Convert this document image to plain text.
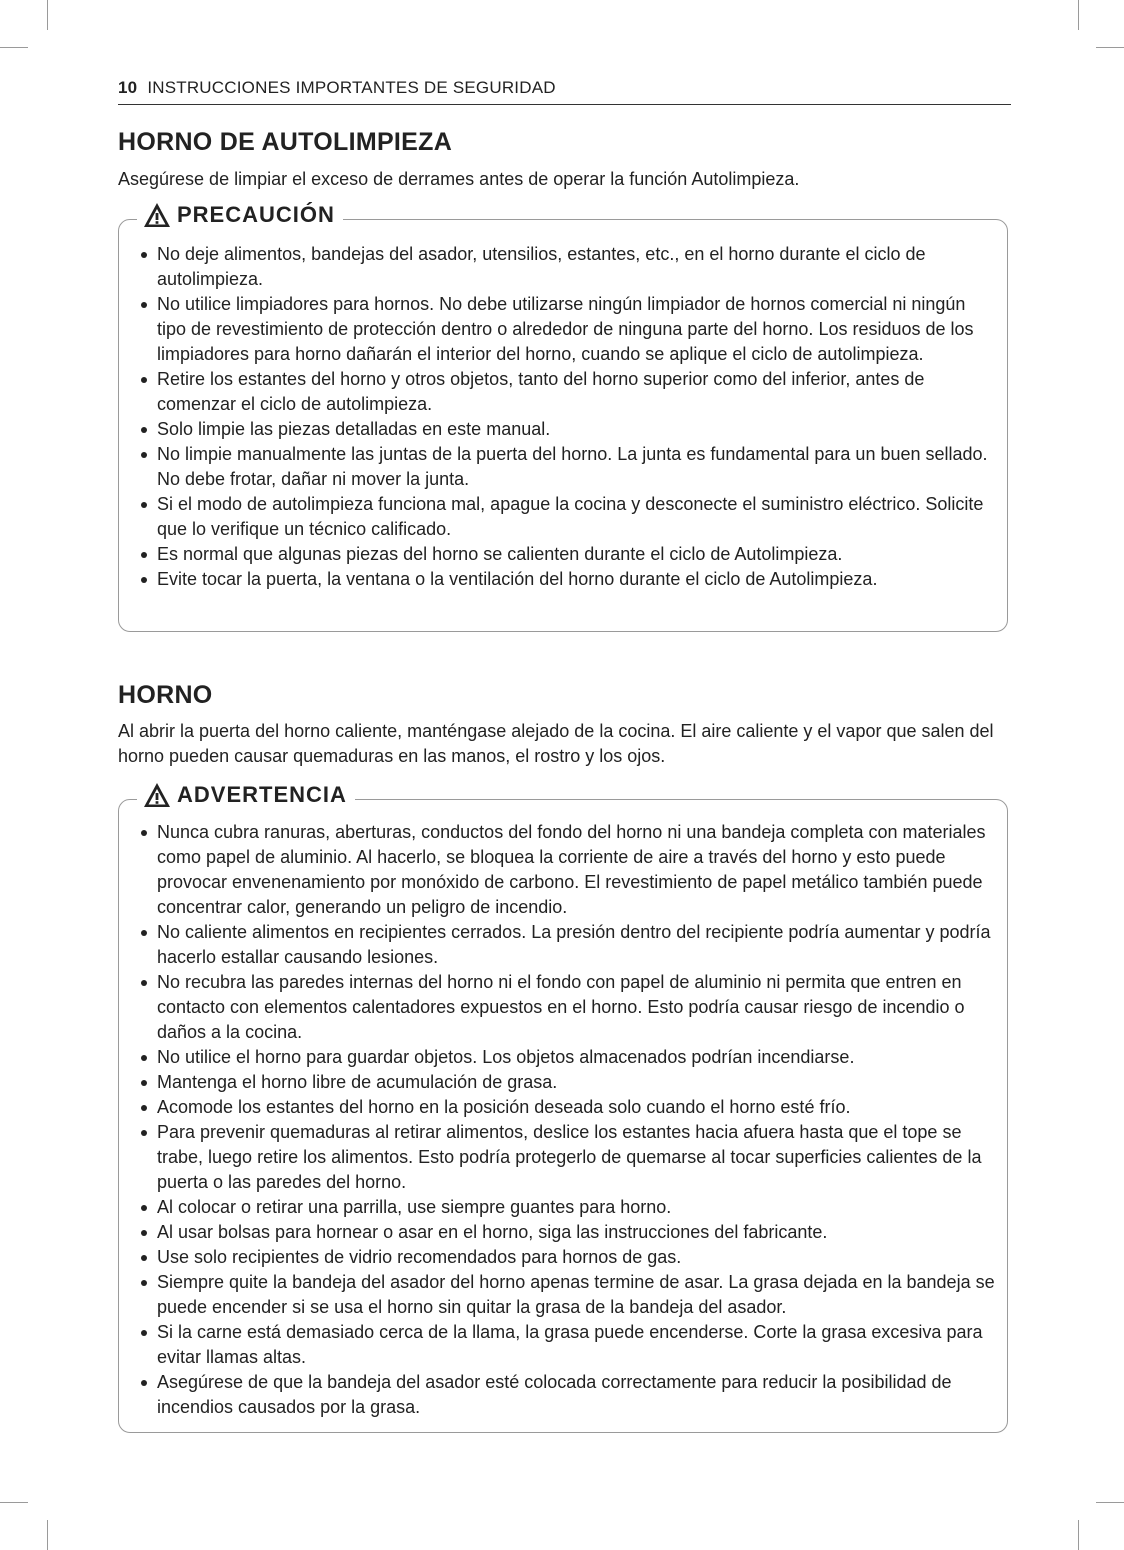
10 INSTRUCCIONES IMPORTANTES DE SEGURIDAD
HORNO DE AUTOLIMPIEZA

Asegúrese de limpiar el exceso de derrames antes de operar la función Autolimpieza.

PRECAUCIÓN
No deje alimentos, bandejas del asador, utensilios, estantes, etc., en el horno durante el ciclo de autolimpieza.
No utilice limpiadores para hornos. No debe utilizarse ningún limpiador de hornos comercial ni ningún tipo de revestimiento de protección dentro o alrededor de ninguna parte del horno. Los residuos de los limpiadores para horno dañarán el interior del horno, cuando se aplique el ciclo de autolimpieza.
Retire los estantes del horno y otros objetos, tanto del horno superior como del inferior, antes de comenzar el ciclo de autolimpieza.
Solo limpie las piezas detalladas en este manual.
No limpie manualmente las juntas de la puerta del horno. La junta es fundamental para un buen sellado. No debe frotar, dañar ni mover la junta.
Si el modo de autolimpieza funciona mal, apague la cocina y desconecte el suministro eléctrico. Solicite que lo verifique un técnico calificado.
Es normal que algunas piezas del horno se calienten durante el ciclo de Autolimpieza.
Evite tocar la puerta, la ventana o la ventilación del horno durante el ciclo de Autolimpieza.
HORNO

Al abrir la puerta del horno caliente, manténgase alejado de la cocina. El aire caliente y el vapor que salen del horno pueden causar quemaduras en las manos, el rostro y los ojos.

ADVERTENCIA
Nunca cubra ranuras, aberturas, conductos del fondo del horno ni una bandeja completa con materiales como papel de aluminio. Al hacerlo, se bloquea la corriente de aire a través del horno y esto puede provocar envenenamiento por monóxido de carbono. El revestimiento de papel metálico también puede concentrar calor, generando un peligro de incendio.
No caliente alimentos en recipientes cerrados. La presión dentro del recipiente podría aumentar y podría hacerlo estallar causando lesiones.
No recubra las paredes internas del horno ni el fondo con papel de aluminio ni permita que entren en contacto con elementos calentadores expuestos en el horno. Esto podría causar riesgo de incendio o daños a la cocina.
No utilice el horno para guardar objetos. Los objetos almacenados podrían incendiarse.
Mantenga el horno libre de acumulación de grasa.
Acomode los estantes del horno en la posición deseada solo cuando el horno esté frío.
Para prevenir quemaduras al retirar alimentos, deslice los estantes hacia afuera hasta que el tope se trabe, luego retire los alimentos. Esto podría protegerlo de quemarse al tocar superficies calientes de la puerta o las paredes del horno.
Al colocar o retirar una parrilla, use siempre guantes para horno.
Al usar bolsas para hornear o asar en el horno, siga las instrucciones del fabricante.
Use solo recipientes de vidrio recomendados para hornos de gas.
Siempre quite la bandeja del asador del horno apenas termine de asar. La grasa dejada en la bandeja se puede encender si se usa el horno sin quitar la grasa de la bandeja del asador.
Si la carne está demasiado cerca de la llama, la grasa puede encenderse. Corte la grasa excesiva para evitar llamas altas.
Asegúrese de que la bandeja del asador esté colocada correctamente para reducir la posibilidad de incendios causados por la grasa.
